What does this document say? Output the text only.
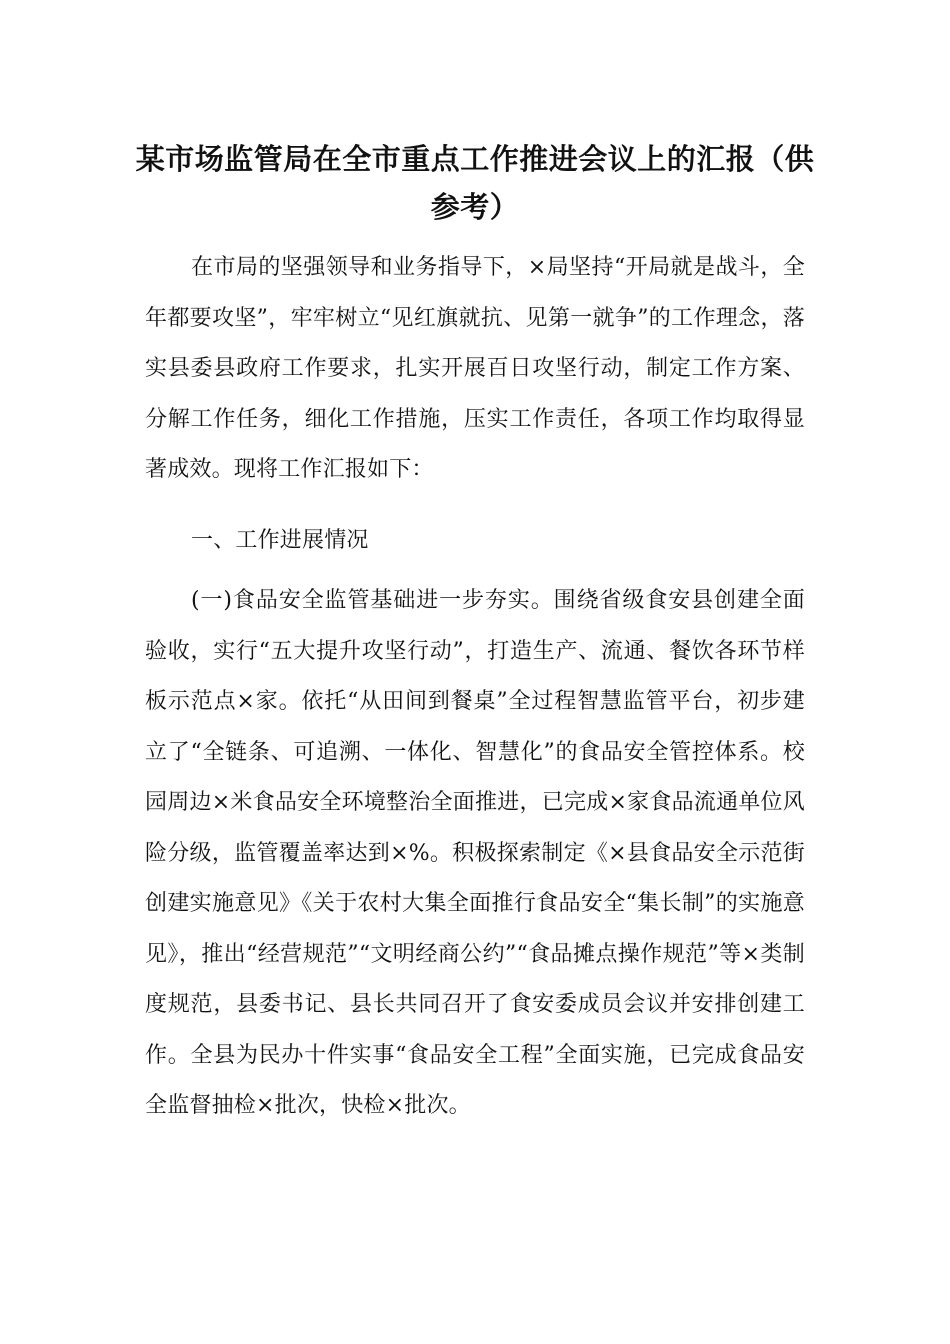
某市场监管局在全市重点工作推进会议上的汇报（供参考）

在市局的坚强领导和业务指导下，×局坚持“开局就是战斗，全年都要攻坚”，牢牢树立“见红旗就抗、见第一就争”的工作理念，落实县委县政府工作要求，扎实开展百日攻坚行动，制定工作方案、分解工作任务，细化工作措施，压实工作责任，各项工作均取得显著成效。现将工作汇报如下：

一、工作进展情况

(一)食品安全监管基础进一步夯实。围绕省级食安县创建全面验收，实行“五大提升攻坚行动”，打造生产、流通、餐饮各环节样板示范点×家。依托“从田间到餐桌”全过程智慧监管平台，初步建立了“全链条、可追溯、一体化、智慧化”的食品安全管控体系。校园周边×米食品安全环境整治全面推进，已完成×家食品流通单位风险分级，监管覆盖率达到×%。积极探索制定《×县食品安全示范街创建实施意见》《关于农村大集全面推行食品安全“集长制”的实施意见》，推出“经营规范”“文明经商公约”“食品摊点操作规范”等×类制度规范，县委书记、县长共同召开了食安委成员会议并安排创建工作。全县为民办十件实事“食品安全工程”全面实施，已完成食品安全监督抽检×批次，快检×批次。
